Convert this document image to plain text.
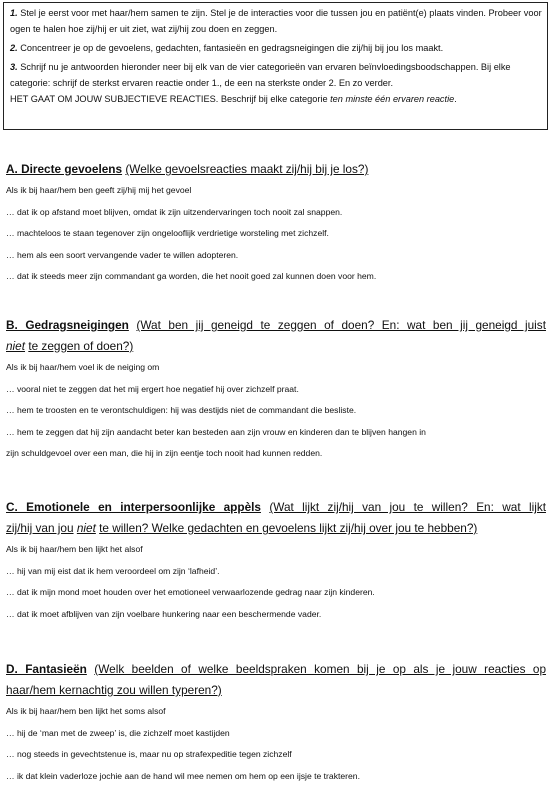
1. Stel je eerst voor met haar/hem samen te zijn. Stel je de interacties voor die tussen jou en patiënt(e) plaats vinden. Probeer voor ogen te halen hoe zij/hij er uit ziet, wat zij/hij zou doen en zeggen.

2. Concentreer je op de gevoelens, gedachten, fantasieën en gedragsneigingen die zij/hij bij jou los maakt.

3. Schrijf nu je antwoorden hieronder neer bij elk van de vier categorieën van ervaren beïnvloedingsboodschappen. Bij elke categorie: schrijf de sterkst ervaren reactie onder 1., de een na sterkste onder 2. En zo verder.

HET GAAT OM JOUW SUBJECTIEVE REACTIES. Beschrijf bij elke categorie ten minste één ervaren reactie.

A. Directe gevoelens (Welke gevoelsreacties maakt zij/hij bij je los?)

Als ik bij haar/hem ben geeft zij/hij mij het gevoel

… dat ik op afstand moet blijven, omdat ik zijn uitzendervaringen toch nooit zal snappen.

… machteloos te staan tegenover zijn ongelooflijk verdrietige worsteling met zichzelf.

… hem als een soort vervangende vader te willen adopteren.

… dat ik steeds meer zijn commandant ga worden, die het nooit goed zal kunnen doen voor hem.

B. Gedragsneigingen (Wat ben jij geneigd te zeggen of doen? En: wat ben jij geneigd juist

niet te zeggen of doen?)

Als ik bij haar/hem voel ik de neiging om

… vooral niet te zeggen dat het mij ergert hoe negatief hij over zichzelf praat.

… hem te troosten en te verontschuldigen: hij was destijds niet de commandant die besliste.

… hem te zeggen dat hij zijn aandacht beter kan besteden aan zijn vrouw en kinderen dan te blijven hangen in

zijn schuldgevoel over een man, die hij in zijn eentje toch nooit had kunnen redden.

C. Emotionele en interpersoonlijke appèls (Wat lijkt zij/hij van jou te willen? En: wat lijkt

zij/hij van jou niet te willen? Welke gedachten en gevoelens lijkt zij/hij over jou te hebben?)

Als ik bij haar/hem ben lijkt het alsof

… hij van mij eist dat ik hem veroordeel om zijn ‘lafheid’.

… dat ik mijn mond moet houden over het emotioneel verwaarlozende gedrag naar zijn kinderen.

… dat ik moet afblijven van zijn voelbare hunkering naar een beschermende vader.

D. Fantasieën (Welk beelden of welke beeldspraken komen bij je op als je jouw reacties op

haar/hem kernachtig zou willen typeren?)

Als ik bij haar/hem ben lijkt het soms alsof

… hij de ‘man met de zweep’ is, die zichzelf moet kastijden

… nog steeds in gevechtstenue is, maar nu op strafexpeditie tegen zichzelf

… ik dat klein vaderloze jochie aan de hand wil mee nemen om hem op een ijsje te trakteren.
